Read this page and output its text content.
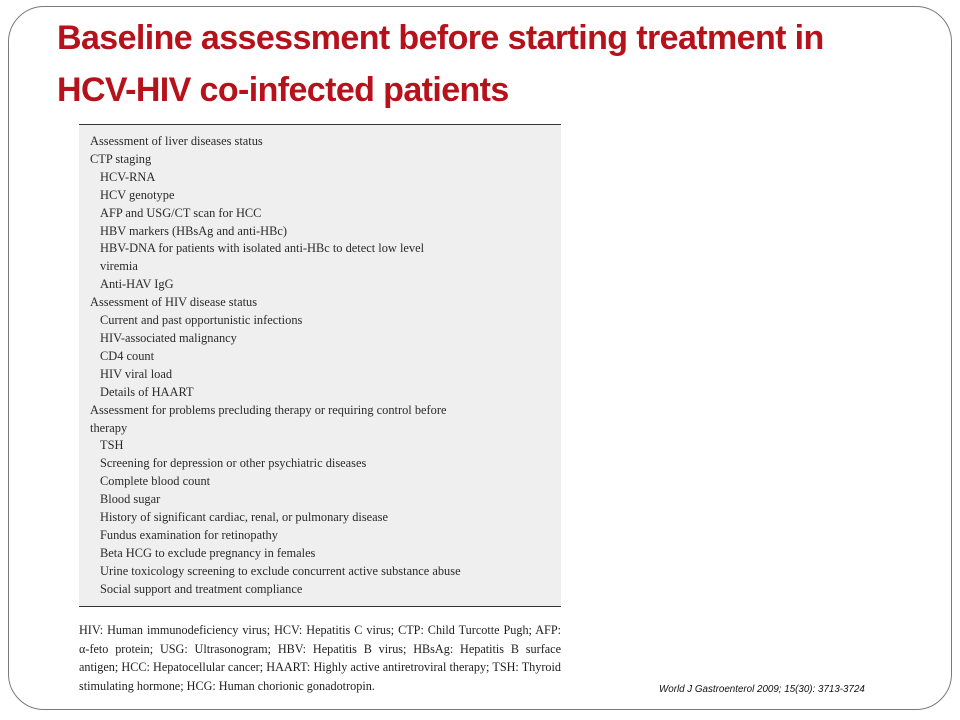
Baseline assessment before starting treatment in
HCV-HIV co-infected patients
Assessment of liver diseases status
CTP staging
HCV-RNA
HCV genotype
AFP and USG/CT scan for HCC
HBV markers (HBsAg and anti-HBc)
HBV-DNA for patients with isolated anti-HBc to detect low level
viremia
Anti-HAV IgG
Assessment of HIV disease status
Current and past opportunistic infections
HIV-associated malignancy
CD4 count
HIV viral load
Details of HAART
Assessment for problems precluding therapy or requiring control before
therapy
TSH
Screening for depression or other psychiatric diseases
Complete blood count
Blood sugar
History of significant cardiac, renal, or pulmonary disease
Fundus examination for retinopathy
Beta HCG to exclude pregnancy in females
Urine toxicology screening to exclude concurrent active substance abuse
Social support and treatment compliance

HIV: Human immunodeficiency virus; HCV: Hepatitis C virus; CTP: Child Turcotte Pugh; AFP: α-feto protein; USG: Ultrasonogram; HBV: Hepatitis B virus; HBsAg: Hepatitis B surface antigen; HCC: Hepatocellular cancer; HAART: Highly active antiretroviral therapy; TSH: Thyroid stimulating hormone; HCG: Human chorionic gonadotropin.	World J Gastroenterol 2009; 15(30): 3713-3724
